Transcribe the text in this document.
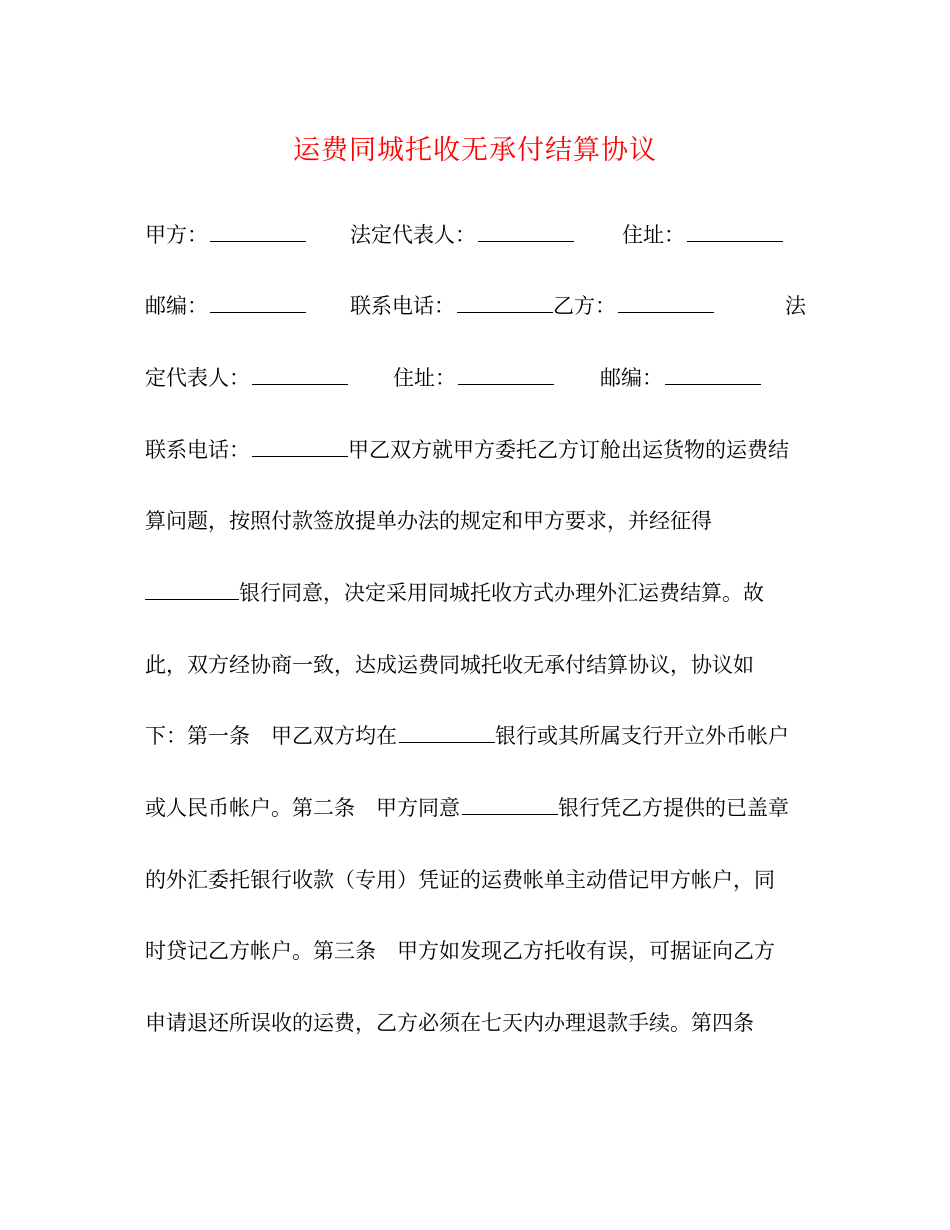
运费同城托收无承付结算协议
甲方：	法定代表人：	住址：
邮编：	联系电话：	乙方：	法
定代表人：	住址：	邮编：
联系电话：	甲乙双方就甲方委托乙方订舱出运货物的运费结
算问题，按照付款签放提单办法的规定和甲方要求，并经征得
银行同意，决定采用同城托收方式办理外汇运费结算。故
此，双方经协商一致，达成运费同城托收无承付结算协议，协议如
下：第一条　甲乙双方均在	银行或其所属支行开立外币帐户
或人民币帐户。第二条　甲方同意	银行凭乙方提供的已盖章
的外汇委托银行收款（专用）凭证的运费帐单主动借记甲方帐户，同
时贷记乙方帐户。第三条　甲方如发现乙方托收有误，可据证向乙方
申请退还所误收的运费，乙方必须在七天内办理退款手续。第四条
